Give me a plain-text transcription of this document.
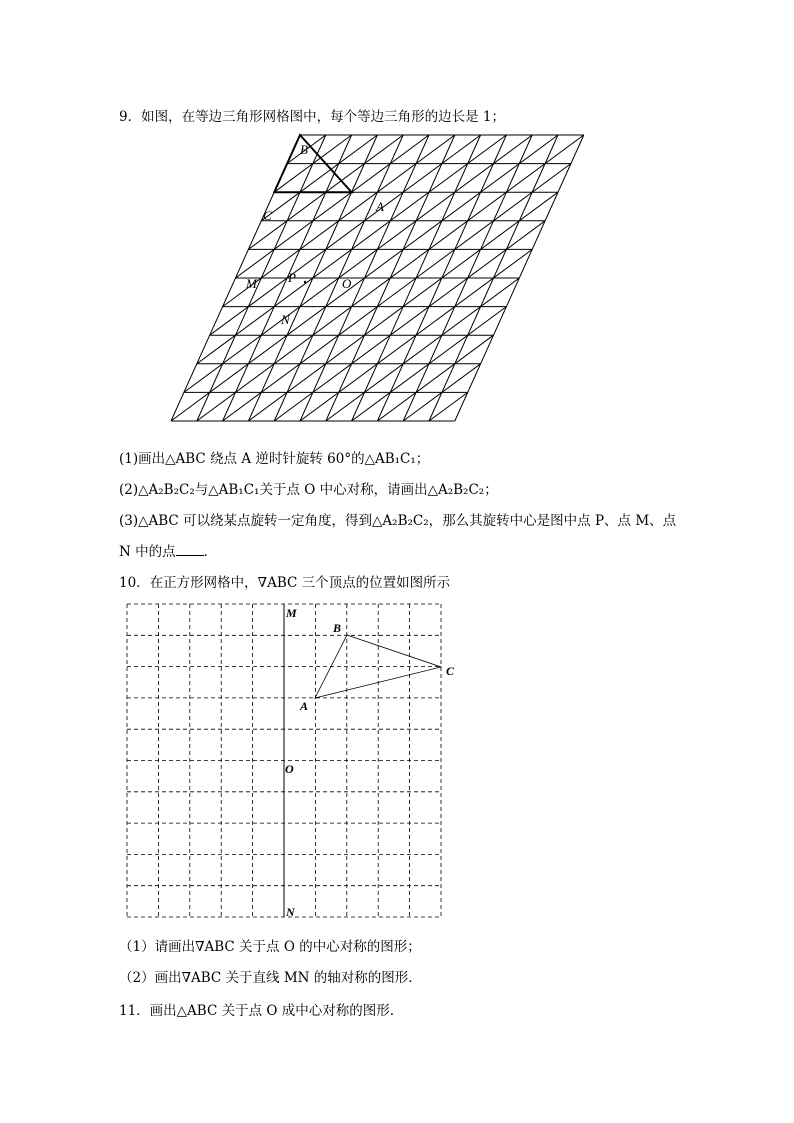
9．如图，在等边三角形网格图中，每个等边三角形的边长是 1；
B
C
A
M P	O
N
(1)画出△ABC 绕点 A 逆时针旋转 60°的△AB₁C₁；
(2)△A₂B₂C₂与△AB₁C₁关于点 O 中心对称，请画出△A₂B₂C₂；
(3)△ABC 可以绕某点旋转一定角度，得到△A₂B₂C₂，那么其旋转中心是图中点 P、点 M、点
N 中的点 ．
10．在正方形网格中，∇ABC 三个顶点的位置如图所示
M
B
C
A
O
N
（1）请画出∇ABC 关于点 O 的中心对称的图形；
（2）画出∇ABC 关于直线 MN 的轴对称的图形．
11．画出△ABC 关于点 O 成中心对称的图形.
